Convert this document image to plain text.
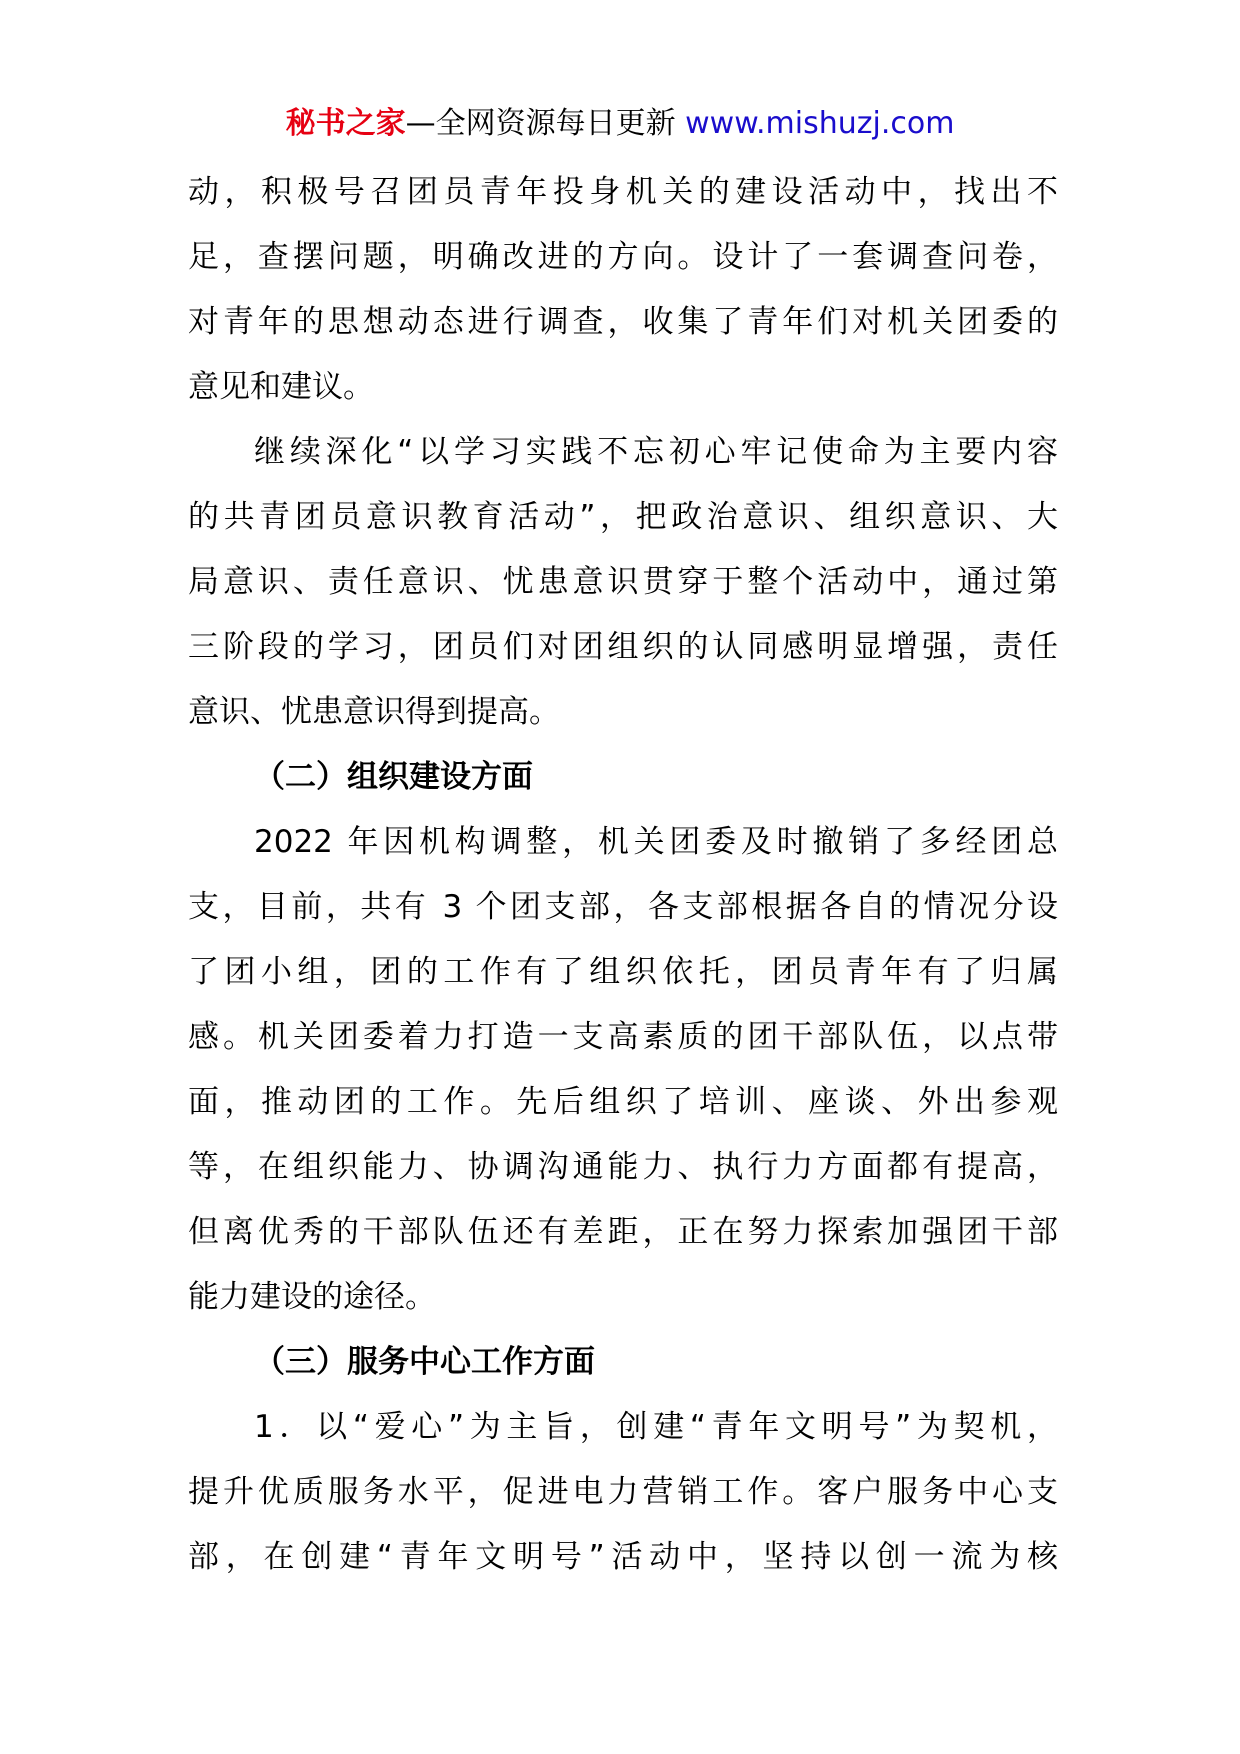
秘书之家—全网资源每日更新 www.mishuzj.com
动，积极号召团员青年投身机关的建设活动中，找出不
足，查摆问题，明确改进的方向。设计了一套调查问卷，
对青年的思想动态进行调查，收集了青年们对机关团委的
意见和建议。
继续深化“以学习实践不忘初心牢记使命为主要内容
的共青团员意识教育活动”，把政治意识、组织意识、大
局意识、责任意识、忧患意识贯穿于整个活动中，通过第
三阶段的学习，团员们对团组织的认同感明显增强，责任
意识、忧患意识得到提高。
（二）组织建设方面
2022 年因机构调整，机关团委及时撤销了多经团总
支，目前，共有 3 个团支部，各支部根据各自的情况分设
了团小组，团的工作有了组织依托，团员青年有了归属
感。机关团委着力打造一支高素质的团干部队伍，以点带
面，推动团的工作。先后组织了培训、座谈、外出参观
等，在组织能力、协调沟通能力、执行力方面都有提高，
但离优秀的干部队伍还有差距，正在努力探索加强团干部
能力建设的途径。
（三）服务中心工作方面
1．以“爱心”为主旨，创建“青年文明号”为契机，
提升优质服务水平，促进电力营销工作。客户服务中心支
部，在创建“青年文明号”活动中，坚持以创一流为核
